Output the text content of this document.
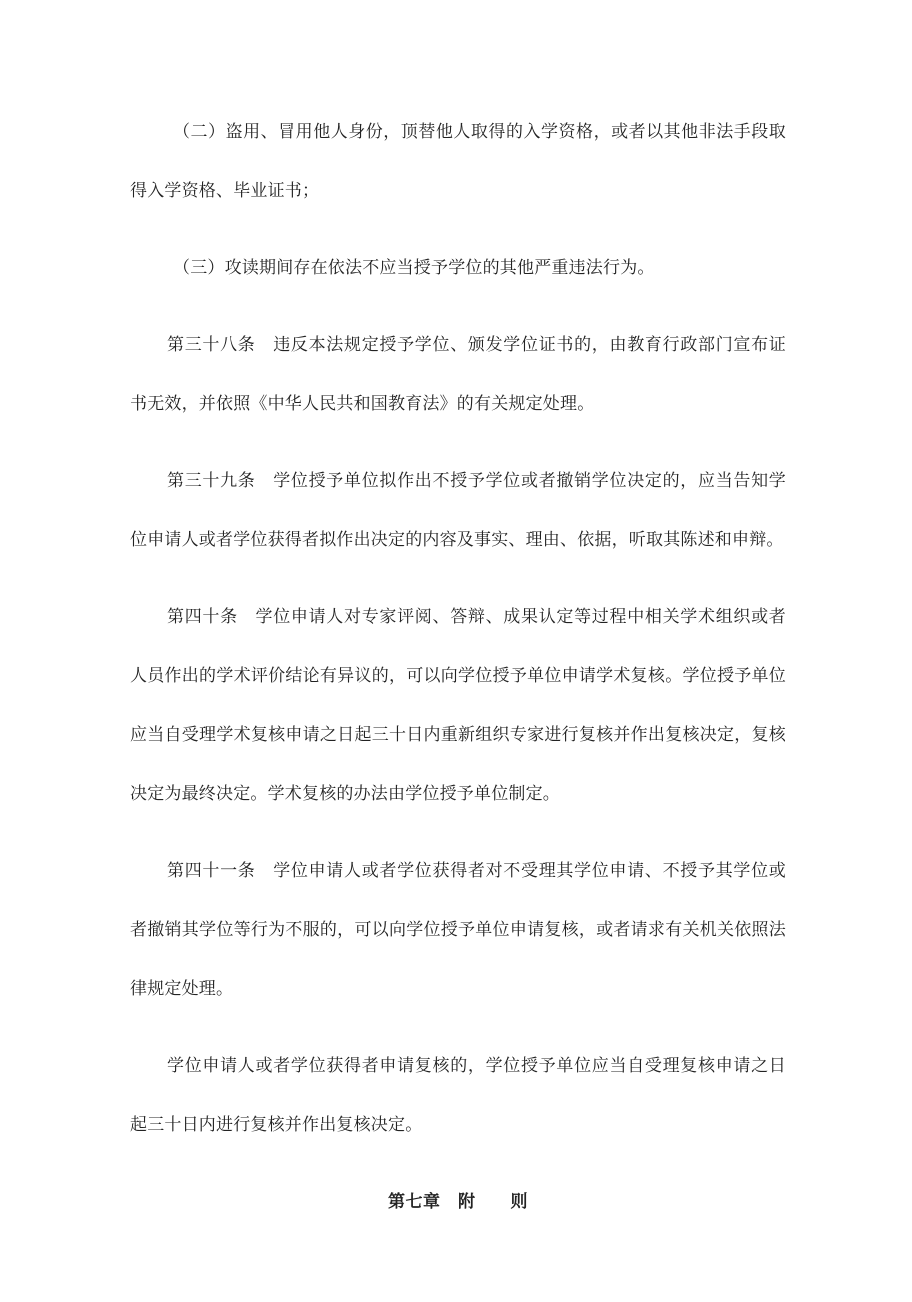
（二）盗用、冒用他人身份，顶替他人取得的入学资格，或者以其他非法手段取得入学资格、毕业证书；

（三）攻读期间存在依法不应当授予学位的其他严重违法行为。

第三十八条　违反本法规定授予学位、颁发学位证书的，由教育行政部门宣布证书无效，并依照《中华人民共和国教育法》的有关规定处理。

第三十九条　学位授予单位拟作出不授予学位或者撤销学位决定的，应当告知学位申请人或者学位获得者拟作出决定的内容及事实、理由、依据，听取其陈述和申辩。

第四十条　学位申请人对专家评阅、答辩、成果认定等过程中相关学术组织或者人员作出的学术评价结论有异议的，可以向学位授予单位申请学术复核。学位授予单位应当自受理学术复核申请之日起三十日内重新组织专家进行复核并作出复核决定，复核决定为最终决定。学术复核的办法由学位授予单位制定。

第四十一条　学位申请人或者学位获得者对不受理其学位申请、不授予其学位或者撤销其学位等行为不服的，可以向学位授予单位申请复核，或者请求有关机关依照法律规定处理。

学位申请人或者学位获得者申请复核的，学位授予单位应当自受理复核申请之日起三十日内进行复核并作出复核决定。

第七章　附　　则
